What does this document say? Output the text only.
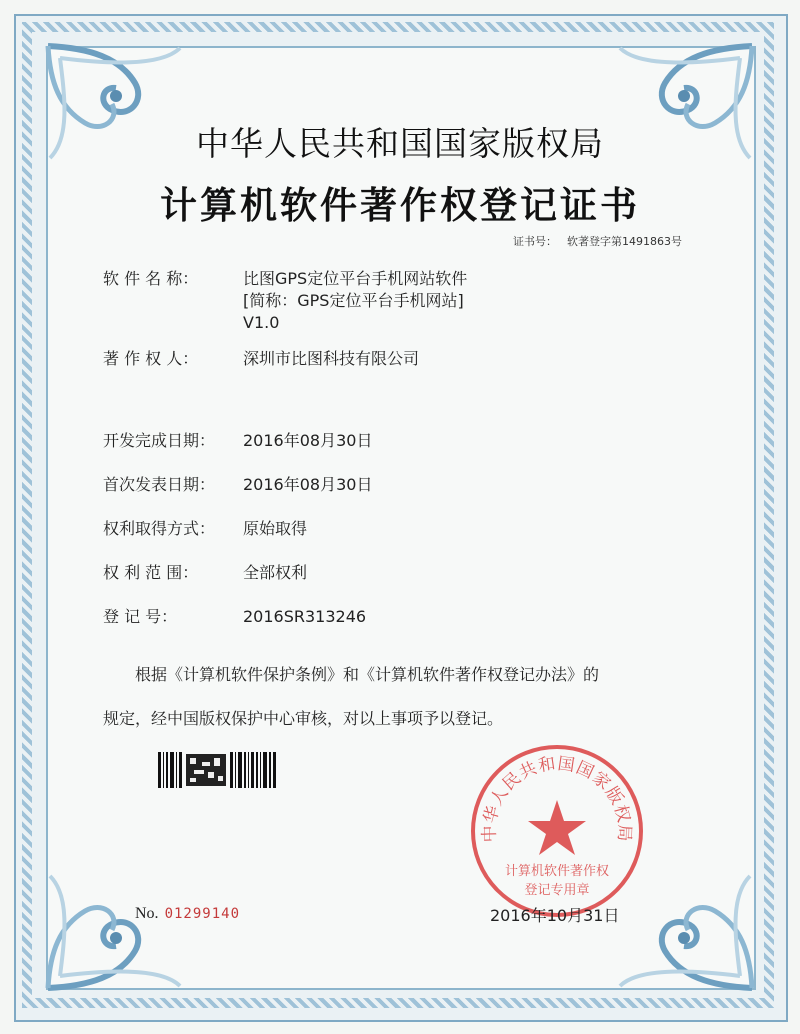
中华人民共和国国家版权局
计算机软件著作权登记证书
证书号： 软著登字第1491863号
软 件 名 称：	比图GPS定位平台手机网站软件
[简称：GPS定位平台手机网站]
V1.0
著 作 权 人：	深圳市比图科技有限公司
开发完成日期： 2016年08月30日
首次发表日期： 2016年08月30日
权利取得方式： 原始取得
权 利 范 围：	全部权利
登 记 号：	2016SR313246
根据《计算机软件保护条例》和《计算机软件著作权登记办法》的
规定，经中国版权保护中心审核，对以上事项予以登记。
中华人民共和国国家版权局
计算机软件著作权
登记专用章
No. 01299140	2016年10月31日
